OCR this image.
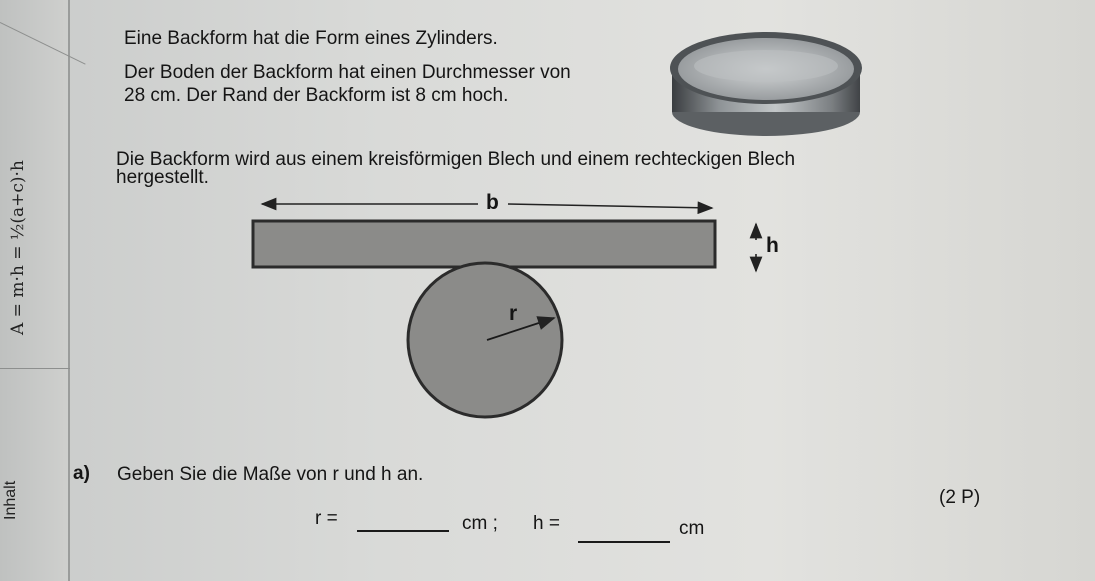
A = m·h = ½(a+c)·h
Inhalt
Eine Backform hat die Form eines Zylinders.
Der Boden der Backform hat einen Durchmesser von
28 cm. Der Rand der Backform ist 8 cm hoch.
Die Backform wird aus einem kreisförmigen Blech und einem rechteckigen Blech
hergestellt.
b
h
r
a) Geben Sie die Maße von r und h an.
(2 P)
r =	cm ; h =	cm
